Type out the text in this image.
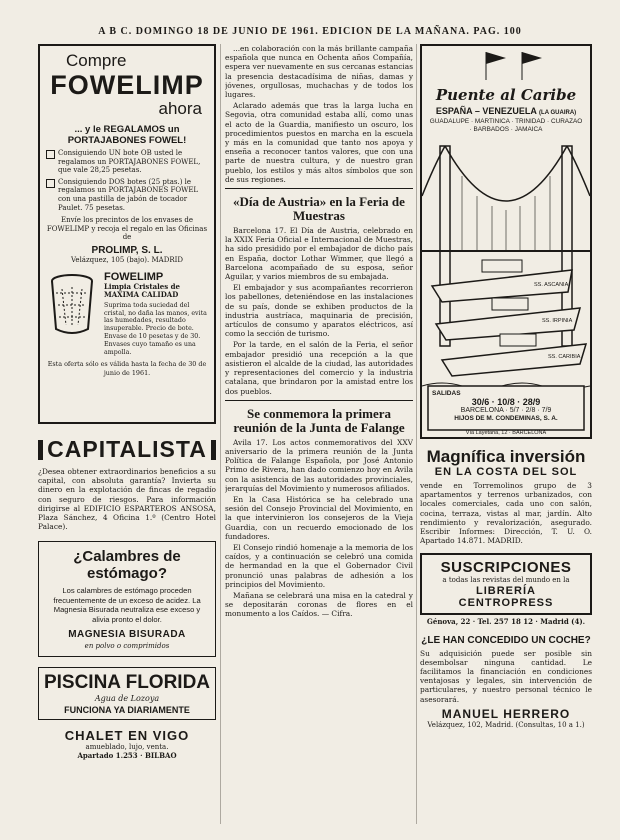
A B C. DOMINGO 18 DE JUNIO DE 1961. EDICION DE LA MAÑANA. PAG. 100
Compre
FOWELIMP
ahora
... y le REGALAMOS un PORTAJABONES FOWEL!
Consiguiendo UN bote OB usted le regalamos un PORTAJABONES FOWEL, que vale 28,25 pesetas.
Consiguiendo DOS botes (25 ptas.) le regalamos un PORTAJABONES FOWEL con una pastilla de jabón de tocador Paulet. 75 pesetas.
Envíe los precintos de los envases de FOWELIMP y recoja el regalo en las Oficinas de
PROLIMP, S. L.
Velázquez, 105 (bajo). MADRID
FOWELIMP
Limpia Cristales de MAXIMA CALIDAD
Suprima toda suciedad del cristal, no daña las manos, evita las humedades, resultado insuperable. Precio de bote. Envase de 10 pesetas y de 30. Envases cuyo tamaño es una ampolla.
Esta oferta sólo es válida hasta la fecha de 30 de junio de 1961.
CAPITALISTA
¿Desea obtener extraordinarios beneficios a su capital, con absoluta garantía? Invierta su dinero en la explotación de fincas de regadío con seguro de riesgos. Para información dirigirse al EDIFICIO ESPARTEROS ANSOSA, Plaza Sánchez, 4 Oficina 1.º (Centro Hotel Palace).
¿Calambres de estómago?
Los calambres de estómago proceden frecuentemente de un exceso de acidez. La Magnesia Bisurada neutraliza ese exceso y alivia pronto el dolor.
MAGNESIA BISURADA
en polvo o comprimidos
PISCINA FLORIDA
Agua de Lozoya
FUNCIONA YA DIARIAMENTE
CHALET EN VIGO
amueblado, lujo, venta.
Apartado 1.253 · BILBAO

...en colaboración con la más brillante campaña española que nunca en Ochenta años Compañía, espera ver nuevamente en sus cercanas estancias la presencia destacadísima de niñas, damas y jóvenes, orgullosas, muchachas y de todos los lugares.

Aclarado además que tras la larga lucha en Segovia, otra comunidad estaba allí, como unas el acto de la Guardia, manifiesto un oscuro, los procedimientos puestos en marcha en la escuela y más en la comunidad que tanto nos apoya y enseña a reconocer tantos valores, que con una parte de nuestra cultura, y de nuestro gran pueblo, los estilos y más altos símbolos que son de sus regiones.

«Día de Austria» en la Feria de Muestras

Barcelona 17. El Día de Austria, celebrado en la XXIX Feria Oficial e Internacional de Muestras, ha sido presidido por el embajador de dicho país en España, doctor Lothar Wimmer, que llegó a Barcelona acompañado de su esposa, señor Aguilar, y varios miembros de su embajada.

El embajador y sus acompañantes recorrieron los pabellones, deteniéndose en las instalaciones de su país, donde se exhiben productos de la industria austríaca, maquinaria de precisión, artículos de consumo y aparatos eléctricos, así como la sección de turismo.

Por la tarde, en el salón de la Feria, el señor embajador presidió una recepción a la que asistieron el alcalde de la ciudad, las autoridades y representaciones del comercio y la industria catalana, que brindaron por la amistad entre los dos pueblos.

Se conmemora la primera reunión de la Junta de Falange

Avila 17. Los actos conmemorativos del XXV aniversario de la primera reunión de la Junta Política de Falange Española, por José Antonio Primo de Rivera, han dado comienzo hoy en Avila con la asistencia de las autoridades provinciales, jerarquías del Movimiento y numerosos afiliados.

En la Casa Histórica se ha celebrado una sesión del Consejo Provincial del Movimiento, en la que intervinieron los consejeros de la Vieja Guardia, con un recuerdo emocionado de los fundadores.

El Consejo rindió homenaje a la memoria de los caídos, y a continuación se celebró una comida de hermandad en la que el Gobernador Civil pronunció unas palabras de adhesión a los principios del Movimiento.

Mañana se celebrará una misa en la catedral y se depositarán coronas de flores en el monumento a los Caídos. — Cifra.

Puente al Caribe
ESPAÑA – VENEZUELA (LA GUAIRA)
GUADALUPE · MARTINICA · TRINIDAD · CURAZAO · BARBADOS · JAMAICA
SS. ASCANIA
SS. IRPINIA
SS. CARIBIA
SALIDAS
30/6 · 10/8 · 28/9
BARCELONA · 5/7 · 2/8 · 7/9
HIJOS DE M. CONDEMINAS, S. A.
Vía Layetana, 12 · BARCELONA
Magnífica inversión
EN LA COSTA DEL SOL
vende en Torremolinos grupo de 3 apartamentos y terrenos urbanizados, con locales comerciales, cada uno con salón, cocina, terraza, vistas al mar, jardín. Alto rendimiento y revalorización, asegurado. Escribir Informes: Dirección, T. U. O. Apartado 14.871. MADRID.
SUSCRIPCIONES
a todas las revistas del mundo en la
LIBRERÍA
CENTROPRESS
Génova, 22 · Tel. 257 18 12 · Madrid (4).
¿LE HAN CONCEDIDO UN COCHE?
Su adquisición puede ser posible sin desembolsar ninguna cantidad. Le facilitamos la financiación en condiciones ventajosas y legales, sin intervención de particulares, y nuestro personal técnico le asesorará.
MANUEL HERRERO
Velázquez, 102, Madrid. (Consultas, 10 a 1.)
